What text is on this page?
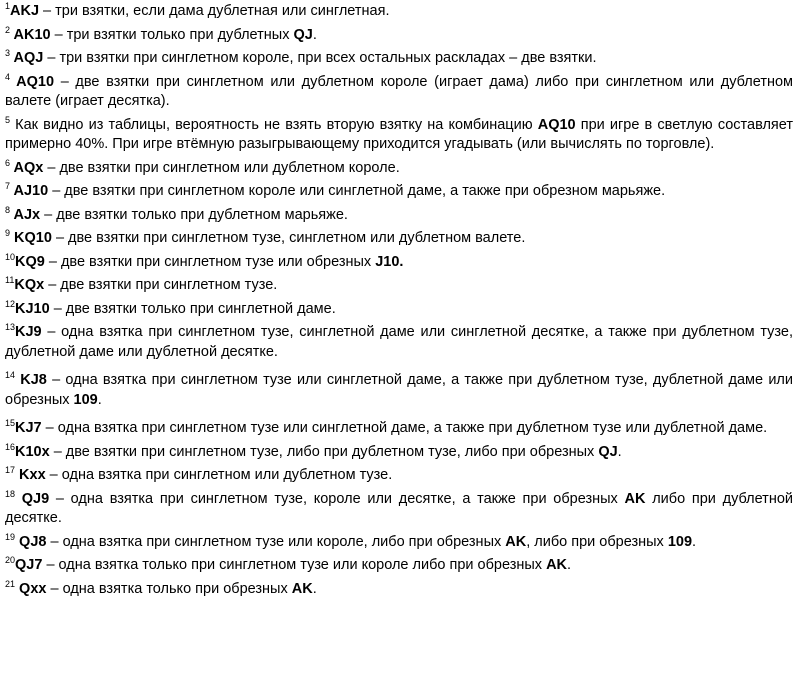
$^1$AKJ – три взятки, если дама дублетная или синглетная.

$^2$ AK10 – три взятки только при дублетных QJ.

$^3$ AQJ – три взятки при синглетном короле, при всех остальных раскладах – две взятки.

$^4$ AQ10 – две взятки при синглетном или дублетном короле (играет дама) либо при синглетном или дублетном валете (играет десятка).

$^5$ Как видно из таблицы, вероятность не взять вторую взятку на комбинацию AQ10 при игре в светлую составляет примерно 40%. При игре втёмную разыгрывающему приходится угадывать (или вычислять по торговле).

$^6$ AQx – две взятки при синглетном или дублетном короле.

$^7$ AJ10 – две взятки при синглетном короле или синглетной даме, а также при обрезном марьяже.

$^8$ AJx – две взятки только при дублетном марьяже.

$^9$ KQ10 – две взятки при синглетном тузе, синглетном или дублетном валете.

$^{10}$KQ9 – две взятки при синглетном тузе или обрезных J10.

$^{11}$KQx – две взятки при синглетном тузе.

$^{12}$KJ10 – две взятки только при синглетной даме.

$^{13}$KJ9 – одна взятка при синглетном тузе, синглетной даме или синглетной десятке, а также при дублетном тузе, дублетной даме или дублетной десятке.

$^{14}$ KJ8 – одна взятка при синглетном тузе или синглетной даме, а также при дублетном тузе, дублетной даме или обрезных 109.

$^{15}$KJ7 – одна взятка при синглетном тузе или синглетной даме, а также при дублетном тузе или дублетной даме.

$^{16}$K10x – две взятки при синглетном тузе, либо при дублетном тузе, либо при обрезных QJ.

$^{17}$ Kxx – одна взятка при синглетном или дублетном тузе.

$^{18}$ QJ9 – одна взятка при синглетном тузе, короле или десятке, а также при обрезных AK либо при дублетной десятке.

$^{19}$ QJ8 – одна взятка при синглетном тузе или короле, либо при обрезных AK, либо при обрезных 109.

$^{20}$QJ7 – одна взятка только при синглетном тузе или короле либо при обрезных AK.

$^{21}$ Qxx – одна взятка только при обрезных AK.
